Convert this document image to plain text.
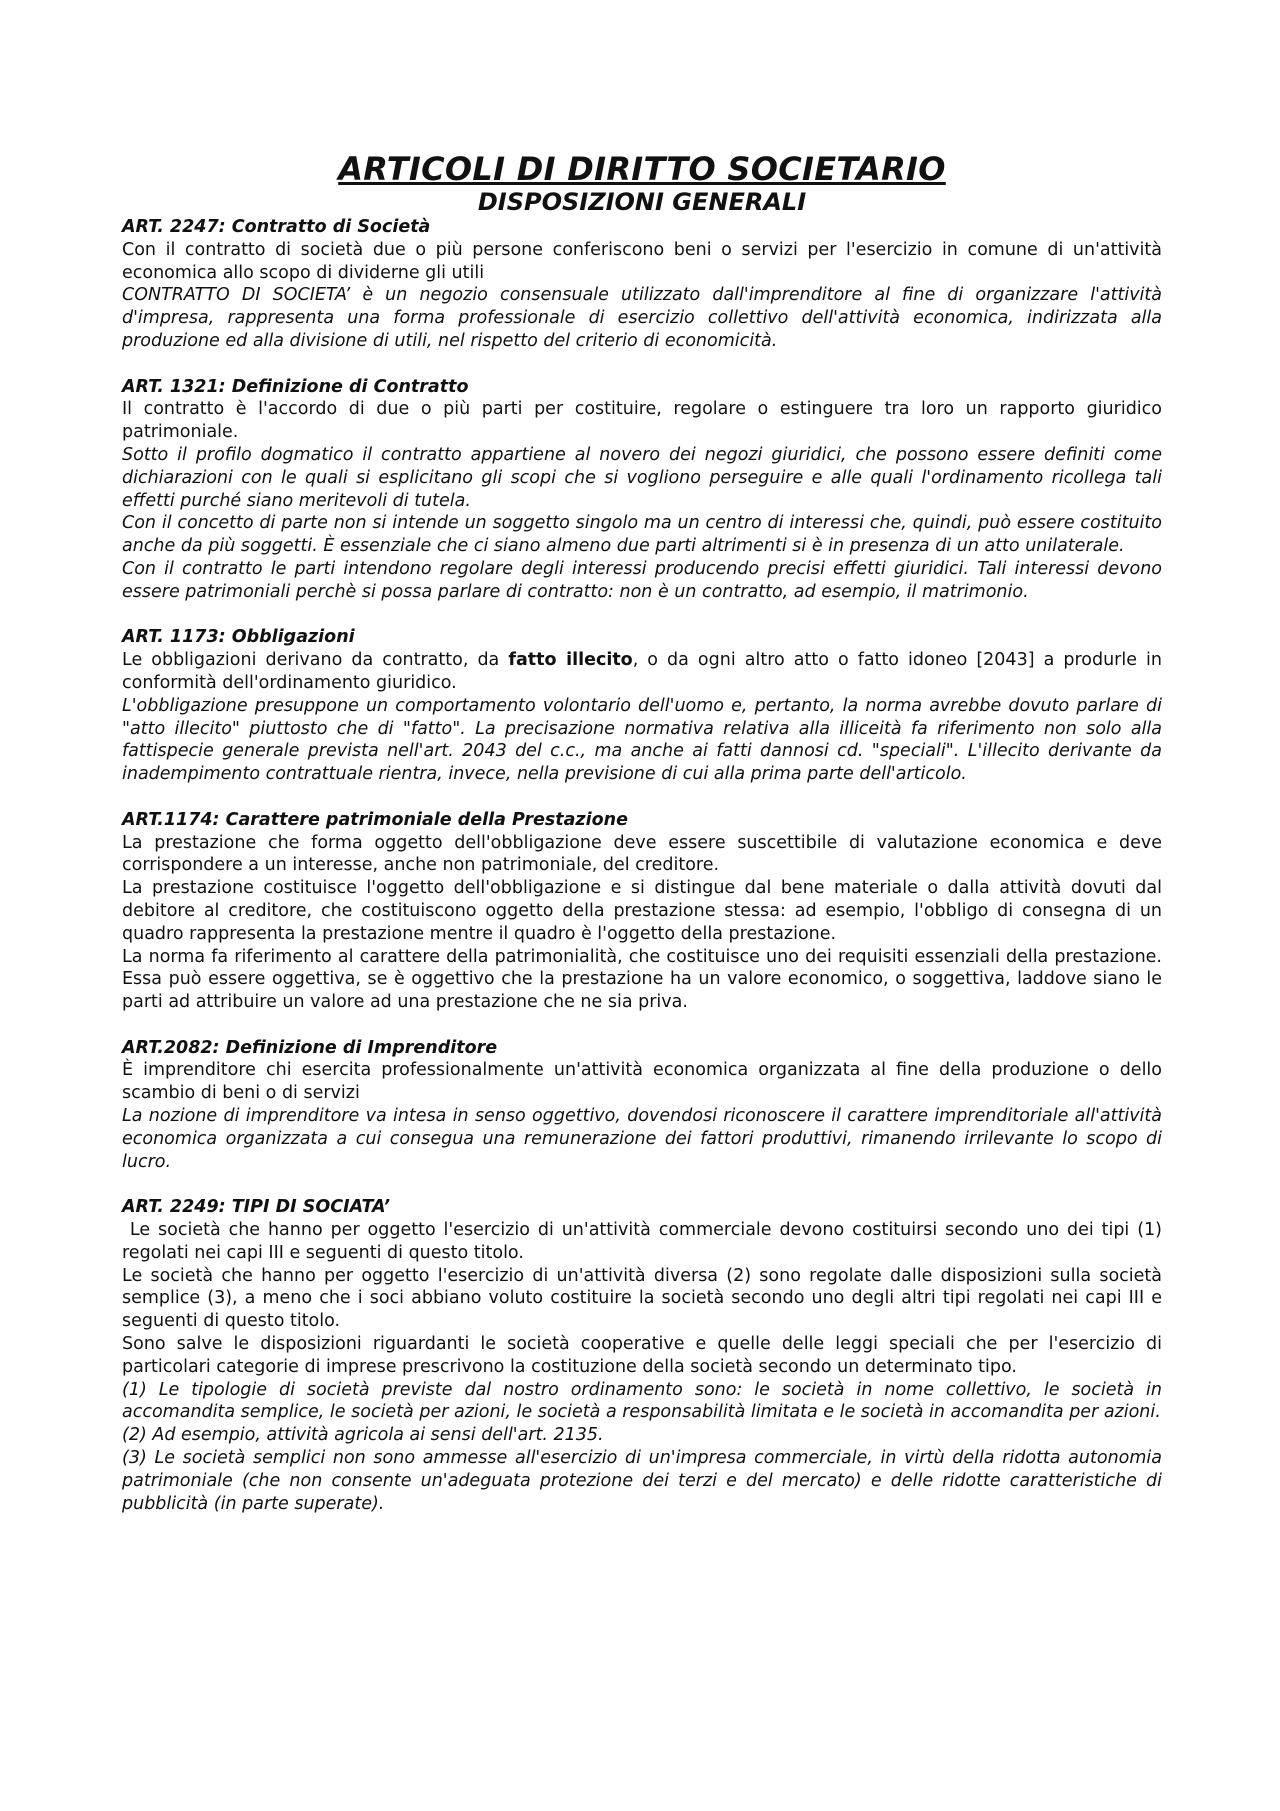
ARTICOLI DI DIRITTO SOCIETARIO
DISPOSIZIONI GENERALI

ART. 2247: Contratto di Società

Con il contratto di società due o più persone conferiscono beni o servizi per l'esercizio in comune di un'attività economica allo scopo di dividerne gli utili

CONTRATTO DI SOCIETA’ è un negozio consensuale utilizzato dall'imprenditore al fine di organizzare l'attività d'impresa, rappresenta una forma professionale di esercizio collettivo dell'attività economica, indirizzata alla produzione ed alla divisione di utili, nel rispetto del criterio di economicità.

ART. 1321: Definizione di Contratto

Il contratto è l'accordo di due o più parti per costituire, regolare o estinguere tra loro un rapporto giuridico patrimoniale.

Sotto il profilo dogmatico il contratto appartiene al novero dei negozi giuridici, che possono essere definiti come dichiarazioni con le quali si esplicitano gli scopi che si vogliono perseguire e alle quali l'ordinamento ricollega tali effetti purché siano meritevoli di tutela.

Con il concetto di parte non si intende un soggetto singolo ma un centro di interessi che, quindi, può essere costituito anche da più soggetti. È essenziale che ci siano almeno due parti altrimenti si è in presenza di un atto unilaterale.

Con il contratto le parti intendono regolare degli interessi producendo precisi effetti giuridici. Tali interessi devono essere patrimoniali perchè si possa parlare di contratto: non è un contratto, ad esempio, il matrimonio.

ART. 1173: Obbligazioni

Le obbligazioni derivano da contratto, da fatto illecito, o da ogni altro atto o fatto idoneo [2043] a produrle in conformità dell'ordinamento giuridico.

L'obbligazione presuppone un comportamento volontario dell'uomo e, pertanto, la norma avrebbe dovuto parlare di "atto illecito" piuttosto che di "fatto". La precisazione normativa relativa alla illiceità fa riferimento non solo alla fattispecie generale prevista nell'art. 2043 del c.c., ma anche ai fatti dannosi cd. "speciali". L'illecito derivante da inadempimento contrattuale rientra, invece, nella previsione di cui alla prima parte dell'articolo.

ART.1174: Carattere patrimoniale della Prestazione

La prestazione che forma oggetto dell'obbligazione deve essere suscettibile di valutazione economica e deve corrispondere a un interesse, anche non patrimoniale, del creditore.

La prestazione costituisce l'oggetto dell'obbligazione e si distingue dal bene materiale o dalla attività dovuti dal debitore al creditore, che costituiscono oggetto della prestazione stessa: ad esempio, l'obbligo di consegna di un quadro rappresenta la prestazione mentre il quadro è l'oggetto della prestazione.

La norma fa riferimento al carattere della patrimonialità, che costituisce uno dei requisiti essenziali della prestazione. Essa può essere oggettiva, se è oggettivo che la prestazione ha un valore economico, o soggettiva, laddove siano le parti ad attribuire un valore ad una prestazione che ne sia priva.

ART.2082: Definizione di Imprenditore

È imprenditore chi esercita professionalmente un'attività economica organizzata al fine della produzione o dello scambio di beni o di servizi

La nozione di imprenditore va intesa in senso oggettivo, dovendosi riconoscere il carattere imprenditoriale all'attività economica organizzata a cui consegua una remunerazione dei fattori produttivi, rimanendo irrilevante lo scopo di lucro.

ART. 2249: TIPI DI SOCIATA’

Le società che hanno per oggetto l'esercizio di un'attività commerciale devono costituirsi secondo uno dei tipi (1) regolati nei capi III e seguenti di questo titolo.

Le società che hanno per oggetto l'esercizio di un'attività diversa (2) sono regolate dalle disposizioni sulla società semplice (3), a meno che i soci abbiano voluto costituire la società secondo uno degli altri tipi regolati nei capi III e seguenti di questo titolo.

Sono salve le disposizioni riguardanti le società cooperative e quelle delle leggi speciali che per l'esercizio di particolari categorie di imprese prescrivono la costituzione della società secondo un determinato tipo.

(1) Le tipologie di società previste dal nostro ordinamento sono: le società in nome collettivo, le società in accomandita semplice, le società per azioni, le società a responsabilità limitata e le società in accomandita per azioni.

(2) Ad esempio, attività agricola ai sensi dell'art. 2135.

(3) Le società semplici non sono ammesse all'esercizio di un'impresa commerciale, in virtù della ridotta autonomia patrimoniale (che non consente un'adeguata protezione dei terzi e del mercato) e delle ridotte caratteristiche di pubblicità (in parte superate).
